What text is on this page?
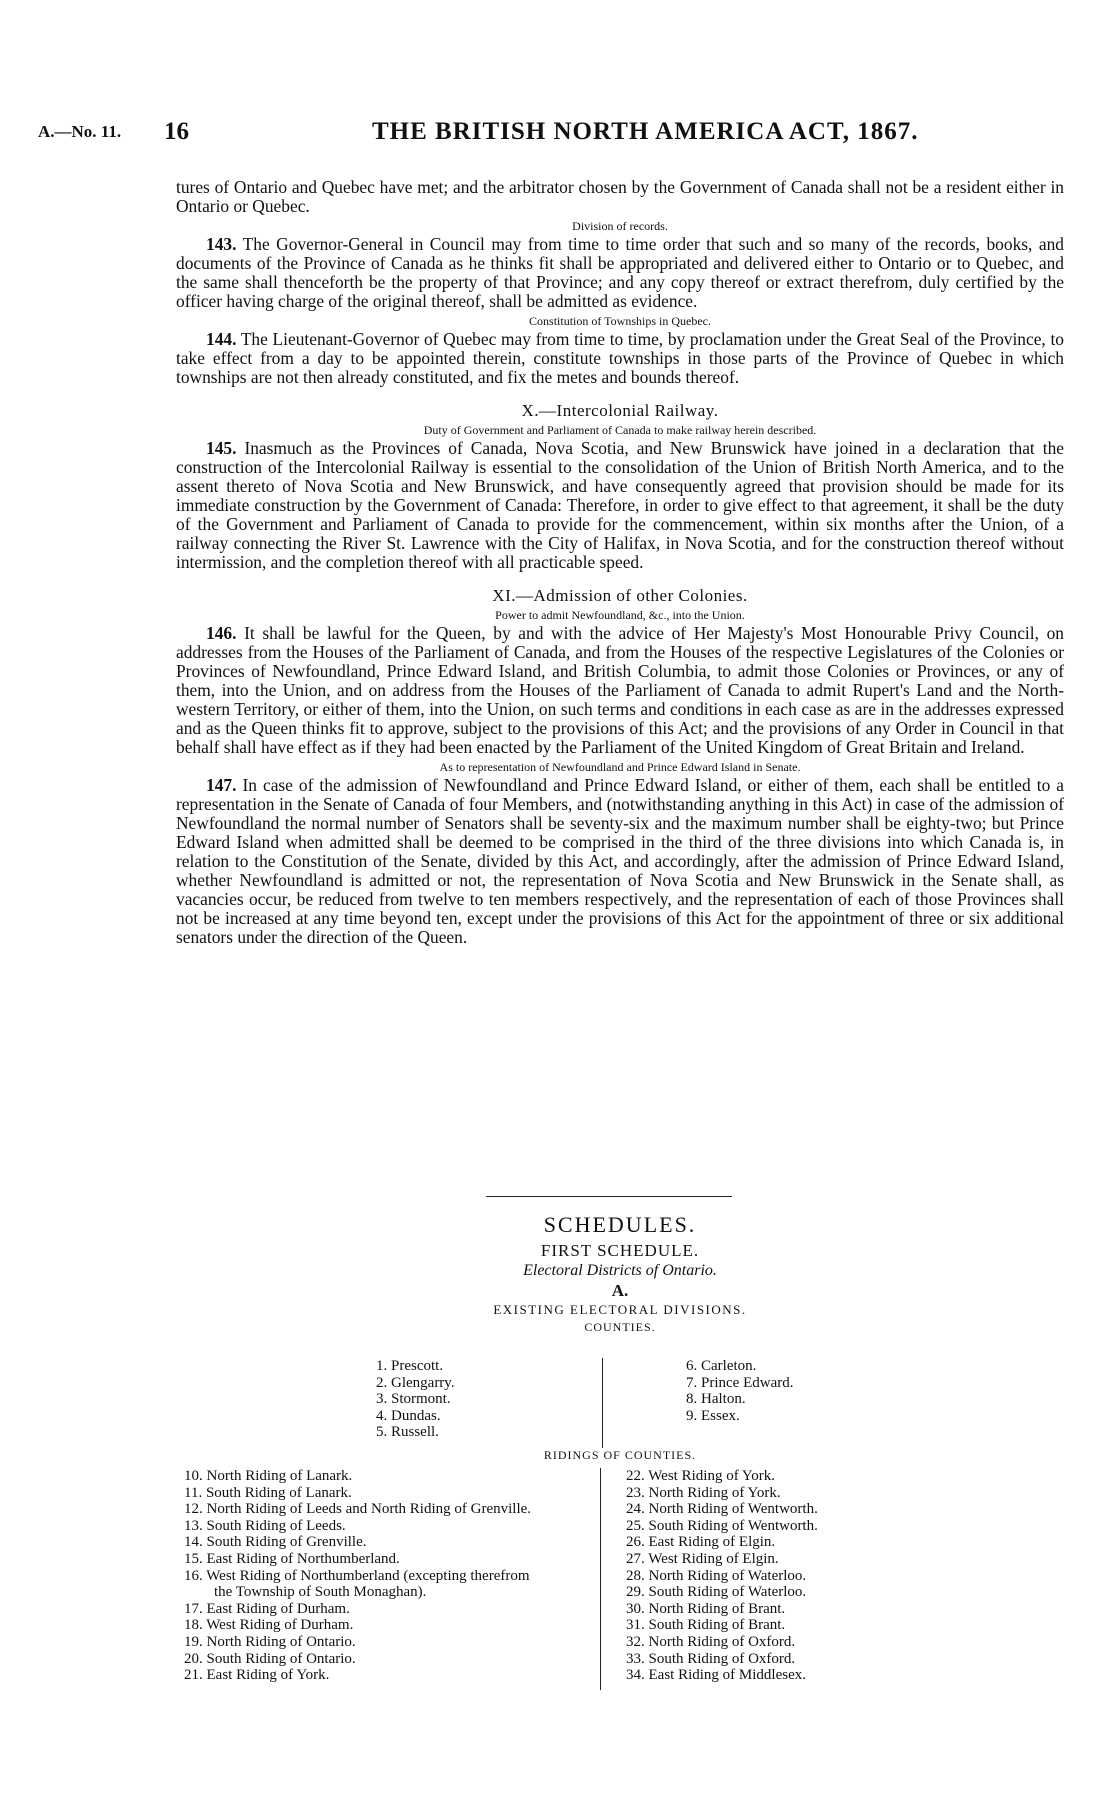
A.—No. 11. 16	THE BRITISH NORTH AMERICA ACT, 1867.

tures of Ontario and Quebec have met; and the arbitrator chosen by the Government of Canada shall not be a resident either in Ontario or Quebec.

Division of records.

143. The Governor-General in Council may from time to time order that such and so many of the records, books, and documents of the Province of Canada as he thinks fit shall be appropriated and delivered either to Ontario or to Quebec, and the same shall thenceforth be the property of that Province; and any copy thereof or extract therefrom, duly certified by the officer having charge of the original thereof, shall be admitted as evidence.

Constitution of Townships in Quebec.

144. The Lieutenant-Governor of Quebec may from time to time, by proclamation under the Great Seal of the Province, to take effect from a day to be appointed therein, constitute townships in those parts of the Province of Quebec in which townships are not then already constituted, and fix the metes and bounds thereof.

X.—Intercolonial Railway.
Duty of Government and Parliament of Canada to make railway herein described.

145. Inasmuch as the Provinces of Canada, Nova Scotia, and New Brunswick have joined in a declaration that the construction of the Intercolonial Railway is essential to the consolidation of the Union of British North America, and to the assent thereto of Nova Scotia and New Brunswick, and have consequently agreed that provision should be made for its immediate construction by the Government of Canada: Therefore, in order to give effect to that agreement, it shall be the duty of the Government and Parliament of Canada to provide for the commencement, within six months after the Union, of a railway connecting the River St. Lawrence with the City of Halifax, in Nova Scotia, and for the construction thereof without intermission, and the completion thereof with all practicable speed.

XI.—Admission of other Colonies.
Power to admit Newfoundland, &c., into the Union.

146. It shall be lawful for the Queen, by and with the advice of Her Majesty's Most Honourable Privy Council, on addresses from the Houses of the Parliament of Canada, and from the Houses of the respective Legislatures of the Colonies or Provinces of Newfoundland, Prince Edward Island, and British Columbia, to admit those Colonies or Provinces, or any of them, into the Union, and on address from the Houses of the Parliament of Canada to admit Rupert's Land and the North-western Territory, or either of them, into the Union, on such terms and conditions in each case as are in the addresses expressed and as the Queen thinks fit to approve, subject to the provisions of this Act; and the provisions of any Order in Council in that behalf shall have effect as if they had been enacted by the Parliament of the United Kingdom of Great Britain and Ireland.

As to representation of Newfoundland and Prince Edward Island in Senate.

147. In case of the admission of Newfoundland and Prince Edward Island, or either of them, each shall be entitled to a representation in the Senate of Canada of four Members, and (notwithstanding anything in this Act) in case of the admission of Newfoundland the normal number of Senators shall be seventy-six and the maximum number shall be eighty-two; but Prince Edward Island when admitted shall be deemed to be comprised in the third of the three divisions into which Canada is, in relation to the Constitution of the Senate, divided by this Act, and accordingly, after the admission of Prince Edward Island, whether Newfoundland is admitted or not, the representation of Nova Scotia and New Brunswick in the Senate shall, as vacancies occur, be reduced from twelve to ten members respectively, and the representation of each of those Provinces shall not be increased at any time beyond ten, except under the provisions of this Act for the appointment of three or six additional senators under the direction of the Queen.

SCHEDULES.
FIRST SCHEDULE.
Electoral Districts of Ontario.
A.
EXISTING ELECTORAL DIVISIONS.
COUNTIES.
1. Prescott.
2. Glengarry.
3. Stormont.
4. Dundas.
5. Russell.
6. Carleton.
7. Prince Edward.
8. Halton.
9. Essex.
RIDINGS OF COUNTIES.
10. North Riding of Lanark.
11. South Riding of Lanark.
12. North Riding of Leeds and North Riding of Grenville.
13. South Riding of Leeds.
14. South Riding of Grenville.
15. East Riding of Northumberland.
16. West Riding of Northumberland (excepting therefrom
the Township of South Monaghan).
17. East Riding of Durham.
18. West Riding of Durham.
19. North Riding of Ontario.
20. South Riding of Ontario.
21. East Riding of York.
22. West Riding of York.
23. North Riding of York.
24. North Riding of Wentworth.
25. South Riding of Wentworth.
26. East Riding of Elgin.
27. West Riding of Elgin.
28. North Riding of Waterloo.
29. South Riding of Waterloo.
30. North Riding of Brant.
31. South Riding of Brant.
32. North Riding of Oxford.
33. South Riding of Oxford.
34. East Riding of Middlesex.
